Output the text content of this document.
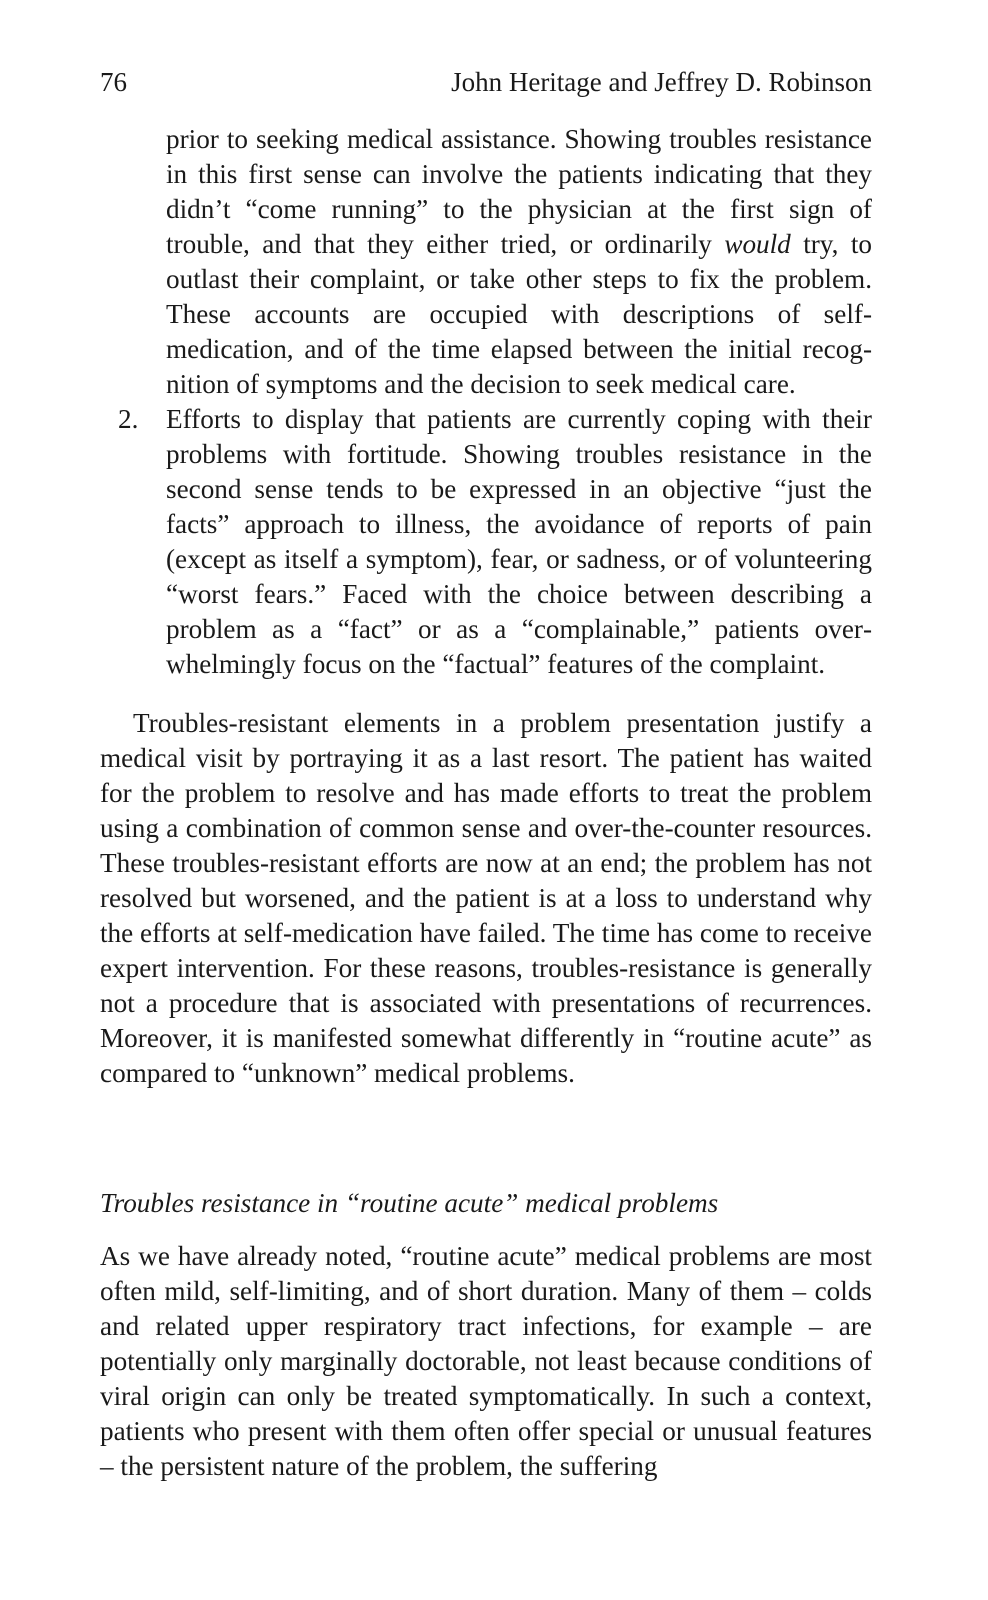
76	John Heritage and Jeffrey D. Robinson
prior to seeking medical assistance. Showing troubles resistance in this first sense can involve the patients indicating that they didn’t “come running” to the physician at the first sign of trouble, and that they either tried, or ordinarily would try, to outlast their complaint, or take other steps to fix the problem. These accounts are occupied with descriptions of self-medication, and of the time elapsed between the initial recognition of symptoms and the decision to seek medical care.
2. Efforts to display that patients are currently coping with their problems with fortitude. Showing troubles resistance in the second sense tends to be expressed in an objective “just the facts” approach to illness, the avoidance of reports of pain (except as itself a symptom), fear, or sadness, or of volunteering “worst fears.” Faced with the choice between describing a problem as a “fact” or as a “complainable,” patients overwhelmingly focus on the “factual” features of the complaint.

Troubles-resistant elements in a problem presentation justify a medical visit by portraying it as a last resort. The patient has waited for the problem to resolve and has made efforts to treat the problem using a combination of common sense and over-the-counter resources. These troubles-resistant efforts are now at an end; the problem has not resolved but worsened, and the patient is at a loss to understand why the efforts at self-medication have failed. The time has come to receive expert intervention. For these reasons, troubles-resistance is generally not a procedure that is associated with presentations of recurrences. Moreover, it is manifested somewhat differently in “routine acute” as compared to “unknown” medical problems.

Troubles resistance in “routine acute” medical problems

As we have already noted, “routine acute” medical problems are most often mild, self-limiting, and of short duration. Many of them – colds and related upper respiratory tract infections, for example – are potentially only marginally doctorable, not least because conditions of viral origin can only be treated symptomatically. In such a context, patients who present with them often offer special or unusual features – the persistent nature of the problem, the suffering
